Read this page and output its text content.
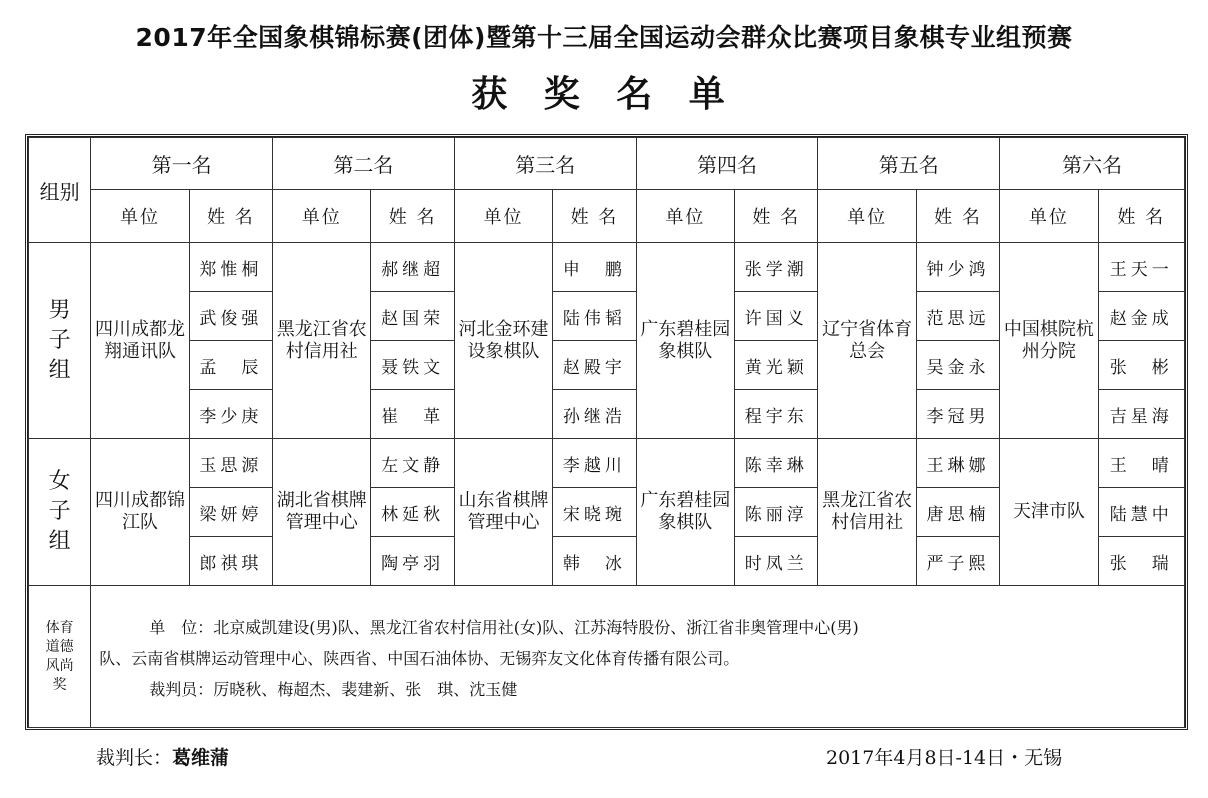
2017年全国象棋锦标赛(团体)暨第十三届全国运动会群众比赛项目象棋专业组预赛
获 奖 名 单
组别	第一名		第二名		第三名		第四名		第五名		第六名	
	单位	姓 名	单位	姓 名	单位	姓 名	单位	姓 名	单位	姓 名	单位	姓 名

男子组	四川成都龙翔通讯队	郑惟桐	黑龙江省农村信用社	郝继超	河北金环建设象棋队	申　鹏	广东碧桂园象棋队	张学潮	辽宁省体育总会	钟少鸿	中国棋院杭州分院	王天一
		武俊强		赵国荣		陆伟韬		许国义		范思远		赵金成
		孟　辰		聂铁文		赵殿宇		黄光颖		吴金永		张　彬
		李少庚		崔　革		孙继浩		程宇东		李冠男		吉星海

女子组	四川成都锦江队	玉思源	湖北省棋牌管理中心	左文静	山东省棋牌管理中心	李越川	广东碧桂园象棋队	陈幸琳	黑龙江省农村信用社	王琳娜	天津市队	王　晴
		梁妍婷		林延秋		宋晓琬		陈丽淳		唐思楠		陆慧中
		郎祺琪		陶亭羽		韩　冰		时凤兰		严子熙		张　瑞

体育道德风尚奖	单　位：北京威凯建设(男)队、黑龙江省农村信用社(女)队、江苏海特股份、浙江省非奥管理中心(男)
队、云南省棋牌运动管理中心、陕西省、中国石油体协、无锡弈友文化体育传播有限公司。
裁判员：厉晓秋、梅超杰、裴建新、张　琪、沈玉健											
裁判长：葛维蒲	2017年4月8日-14日・无锡
